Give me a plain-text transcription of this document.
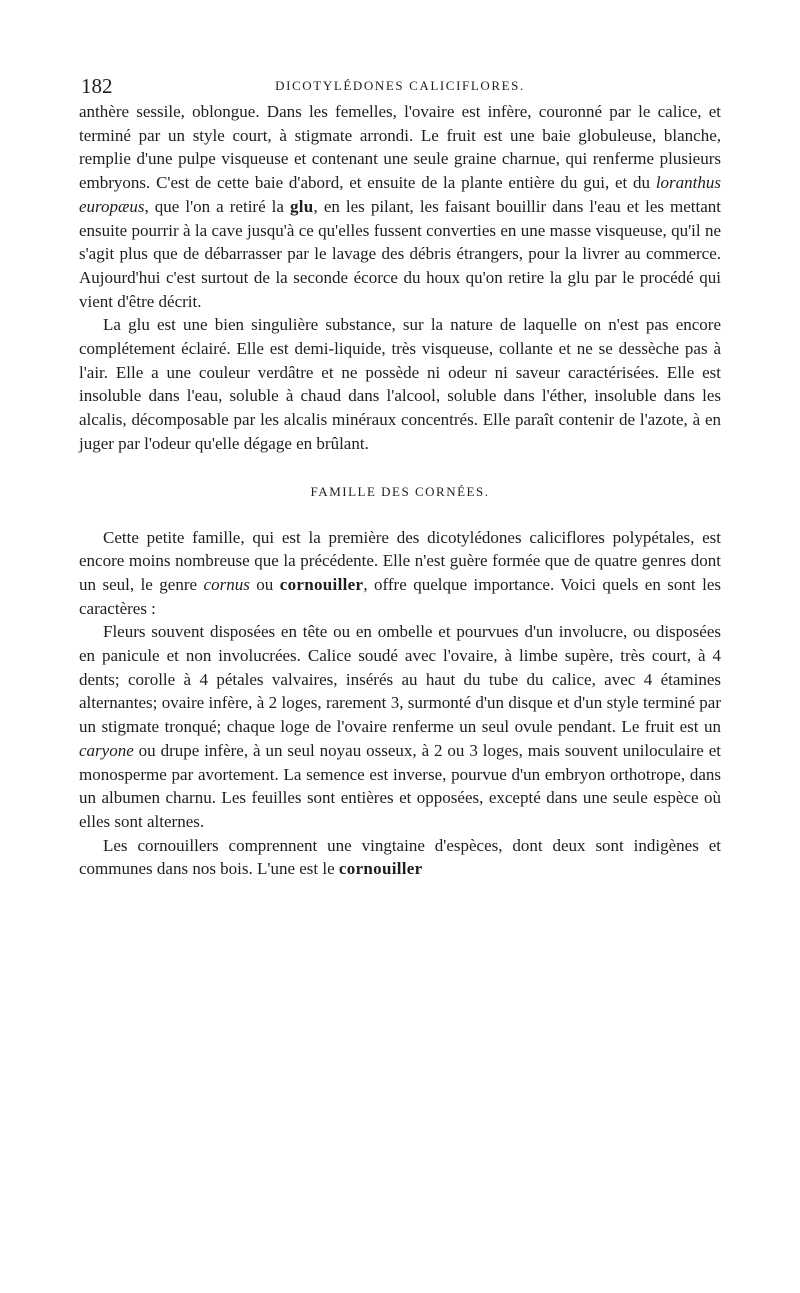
182	DICOTYLÉDONES CALICIFLORES.

anthère sessile, oblongue. Dans les femelles, l'ovaire est infère, couronné par le calice, et terminé par un style court, à stigmate arrondi. Le fruit est une baie globuleuse, blanche, remplie d'une pulpe visqueuse et contenant une seule graine charnue, qui renferme plusieurs embryons. C'est de cette baie d'abord, et ensuite de la plante entière du gui, et du loranthus europæus, que l'on a retiré la glu, en les pilant, les faisant bouillir dans l'eau et les mettant ensuite pourrir à la cave jusqu'à ce qu'elles fussent converties en une masse visqueuse, qu'il ne s'agit plus que de débarrasser par le lavage des débris étrangers, pour la livrer au commerce. Aujourd'hui c'est surtout de la seconde écorce du houx qu'on retire la glu par le procédé qui vient d'être décrit.

La glu est une bien singulière substance, sur la nature de laquelle on n'est pas encore complétement éclairé. Elle est demi-liquide, très visqueuse, collante et ne se dessèche pas à l'air. Elle a une couleur verdâtre et ne possède ni odeur ni saveur caractérisées. Elle est insoluble dans l'eau, soluble à chaud dans l'alcool, soluble dans l'éther, insoluble dans les alcalis, décomposable par les alcalis minéraux concentrés. Elle paraît contenir de l'azote, à en juger par l'odeur qu'elle dégage en brûlant.

FAMILLE DES CORNÉES.

Cette petite famille, qui est la première des dicotylédones caliciflores polypétales, est encore moins nombreuse que la précédente. Elle n'est guère formée que de quatre genres dont un seul, le genre cornus ou cornouiller, offre quelque importance. Voici quels en sont les caractères :

Fleurs souvent disposées en tête ou en ombelle et pourvues d'un involucre, ou disposées en panicule et non involucrées. Calice soudé avec l'ovaire, à limbe supère, très court, à 4 dents; corolle à 4 pétales valvaires, insérés au haut du tube du calice, avec 4 étamines alternantes; ovaire infère, à 2 loges, rarement 3, surmonté d'un disque et d'un style terminé par un stigmate tronqué; chaque loge de l'ovaire renferme un seul ovule pendant. Le fruit est un caryone ou drupe infère, à un seul noyau osseux, à 2 ou 3 loges, mais souvent uniloculaire et monosperme par avortement. La semence est inverse, pourvue d'un embryon orthotrope, dans un albumen charnu. Les feuilles sont entières et opposées, excepté dans une seule espèce où elles sont alternes.

Les cornouillers comprennent une vingtaine d'espèces, dont deux sont indigènes et communes dans nos bois. L'une est le cornouiller
